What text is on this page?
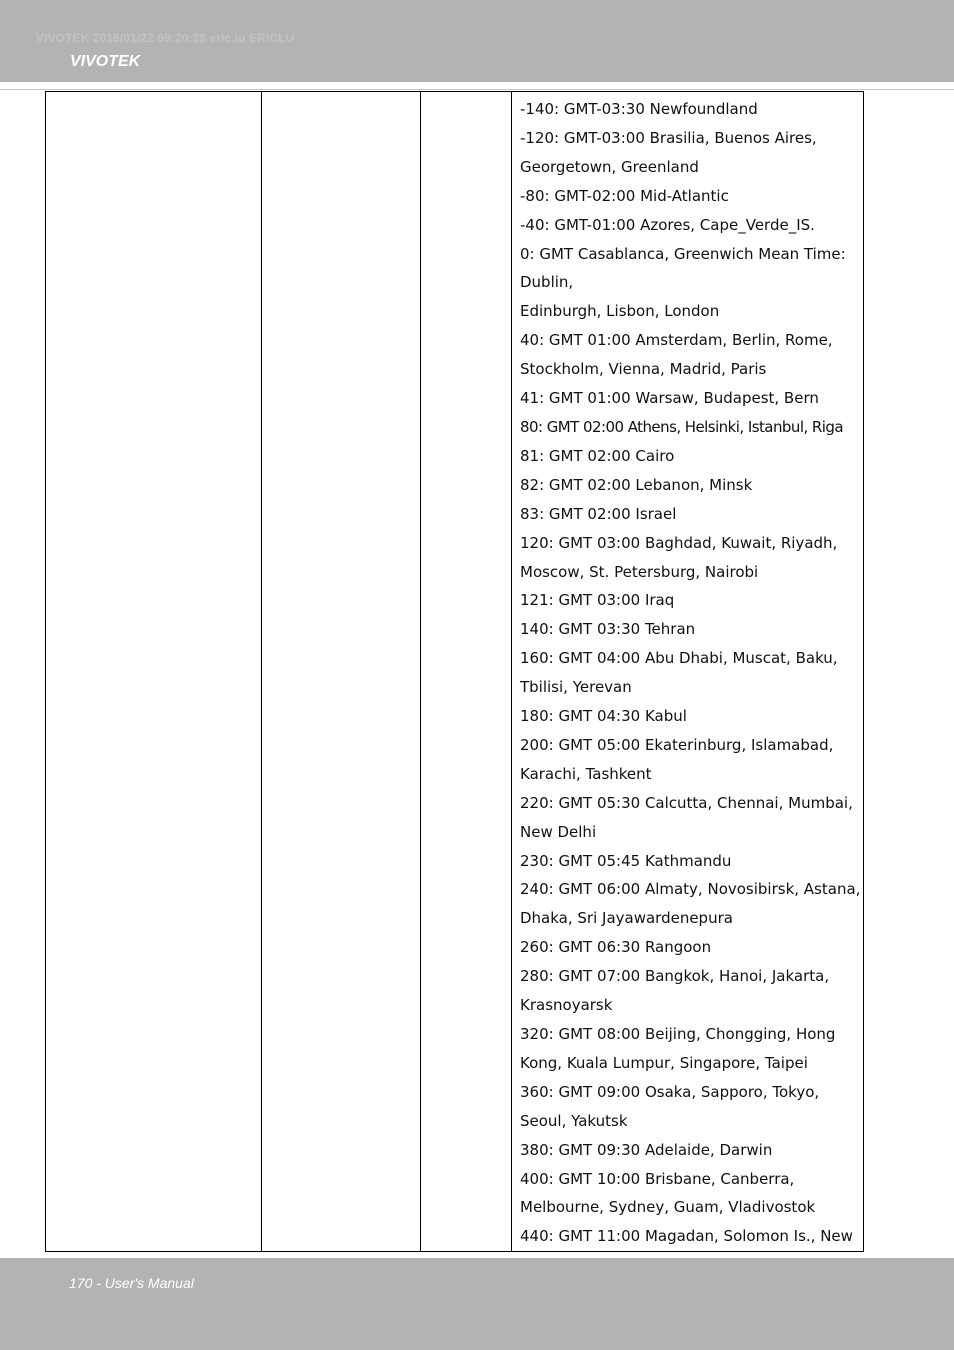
VIVOTEK 2016/01/22 09:20:28 eric.lu ERICLU
VIVOTEK

-140: GMT-03:30 Newfoundland
-120: GMT-03:00 Brasilia, Buenos Aires,
Georgetown, Greenland
-80: GMT-02:00 Mid-Atlantic
-40: GMT-01:00 Azores, Cape_Verde_IS.
0: GMT Casablanca, Greenwich Mean Time:
Dublin,
Edinburgh, Lisbon, London
40: GMT 01:00 Amsterdam, Berlin, Rome,
Stockholm, Vienna, Madrid, Paris
41: GMT 01:00 Warsaw, Budapest, Bern
80: GMT 02:00 Athens, Helsinki, Istanbul, Riga
81: GMT 02:00 Cairo
82: GMT 02:00 Lebanon, Minsk
83: GMT 02:00 Israel
120: GMT 03:00 Baghdad, Kuwait, Riyadh,
Moscow, St. Petersburg, Nairobi
121: GMT 03:00 Iraq
140: GMT 03:30 Tehran
160: GMT 04:00 Abu Dhabi, Muscat, Baku,
Tbilisi, Yerevan
180: GMT 04:30 Kabul
200: GMT 05:00 Ekaterinburg, Islamabad,
Karachi, Tashkent
220: GMT 05:30 Calcutta, Chennai, Mumbai,
New Delhi
230: GMT 05:45 Kathmandu
240: GMT 06:00 Almaty, Novosibirsk, Astana,
Dhaka, Sri Jayawardenepura
260: GMT 06:30 Rangoon
280: GMT 07:00 Bangkok, Hanoi, Jakarta,
Krasnoyarsk
320: GMT 08:00 Beijing, Chongging, Hong
Kong, Kuala Lumpur, Singapore, Taipei
360: GMT 09:00 Osaka, Sapporo, Tokyo,
Seoul, Yakutsk
380: GMT 09:30 Adelaide, Darwin
400: GMT 10:00 Brisbane, Canberra,
Melbourne, Sydney, Guam, Vladivostok
440: GMT 11:00 Magadan, Solomon Is., New
170 - User's Manual
